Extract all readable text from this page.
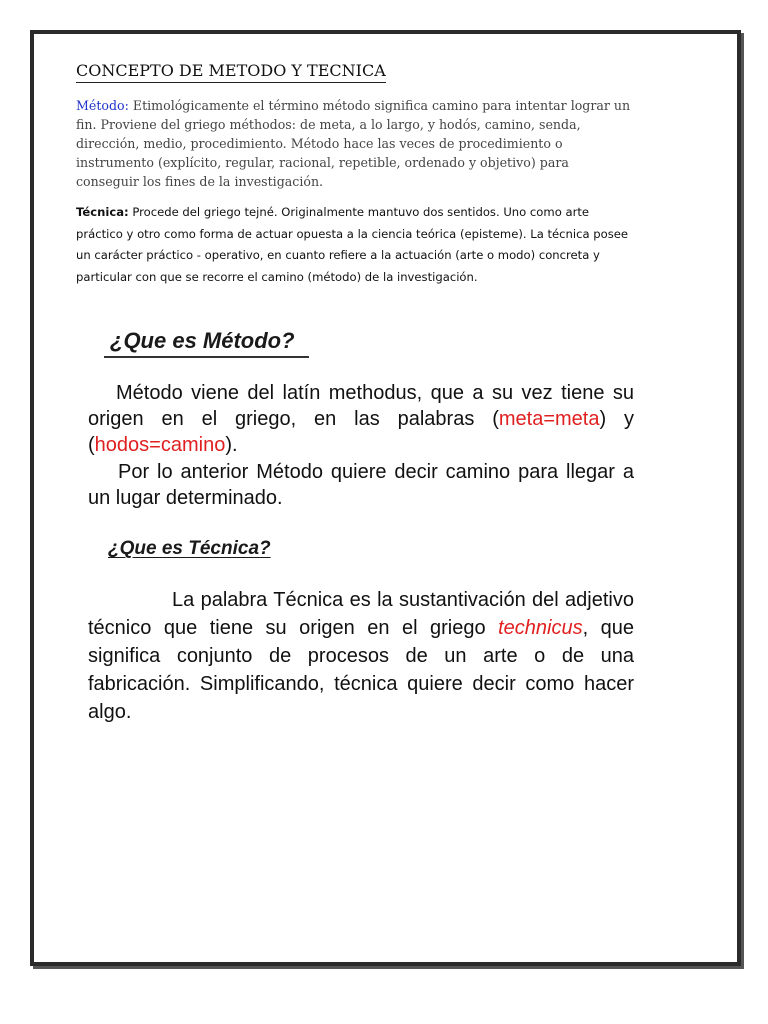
CONCEPTO DE METODO Y TECNICA

Método: Etimológicamente el término método significa camino para intentar lograr un fin. Proviene del griego méthodos: de meta, a lo largo, y hodós, camino, senda, dirección, medio, procedimiento. Método hace las veces de procedimiento o instrumento (explícito, regular, racional, repetible, ordenado y objetivo) para conseguir los fines de la investigación.

Técnica: Procede del griego tejné. Originalmente mantuvo dos sentidos. Uno como arte práctico y otro como forma de actuar opuesta a la ciencia teórica (episteme). La técnica posee un carácter práctico - operativo, en cuanto refiere a la actuación (arte o modo) concreta y particular con que se recorre el camino (método) de la investigación.

¿Que es Método?

Método viene del latín methodus, que a su vez tiene su origen en el griego, en las palabras (meta=meta) y (hodos=camino).

Por lo anterior Método quiere decir camino para llegar a un lugar determinado.

¿Que es Técnica?

La palabra Técnica es la sustantivación del adjetivo técnico que tiene su origen en el griego technicus, que significa conjunto de procesos de un arte o de una fabricación. Simplificando, técnica quiere decir como hacer algo.
